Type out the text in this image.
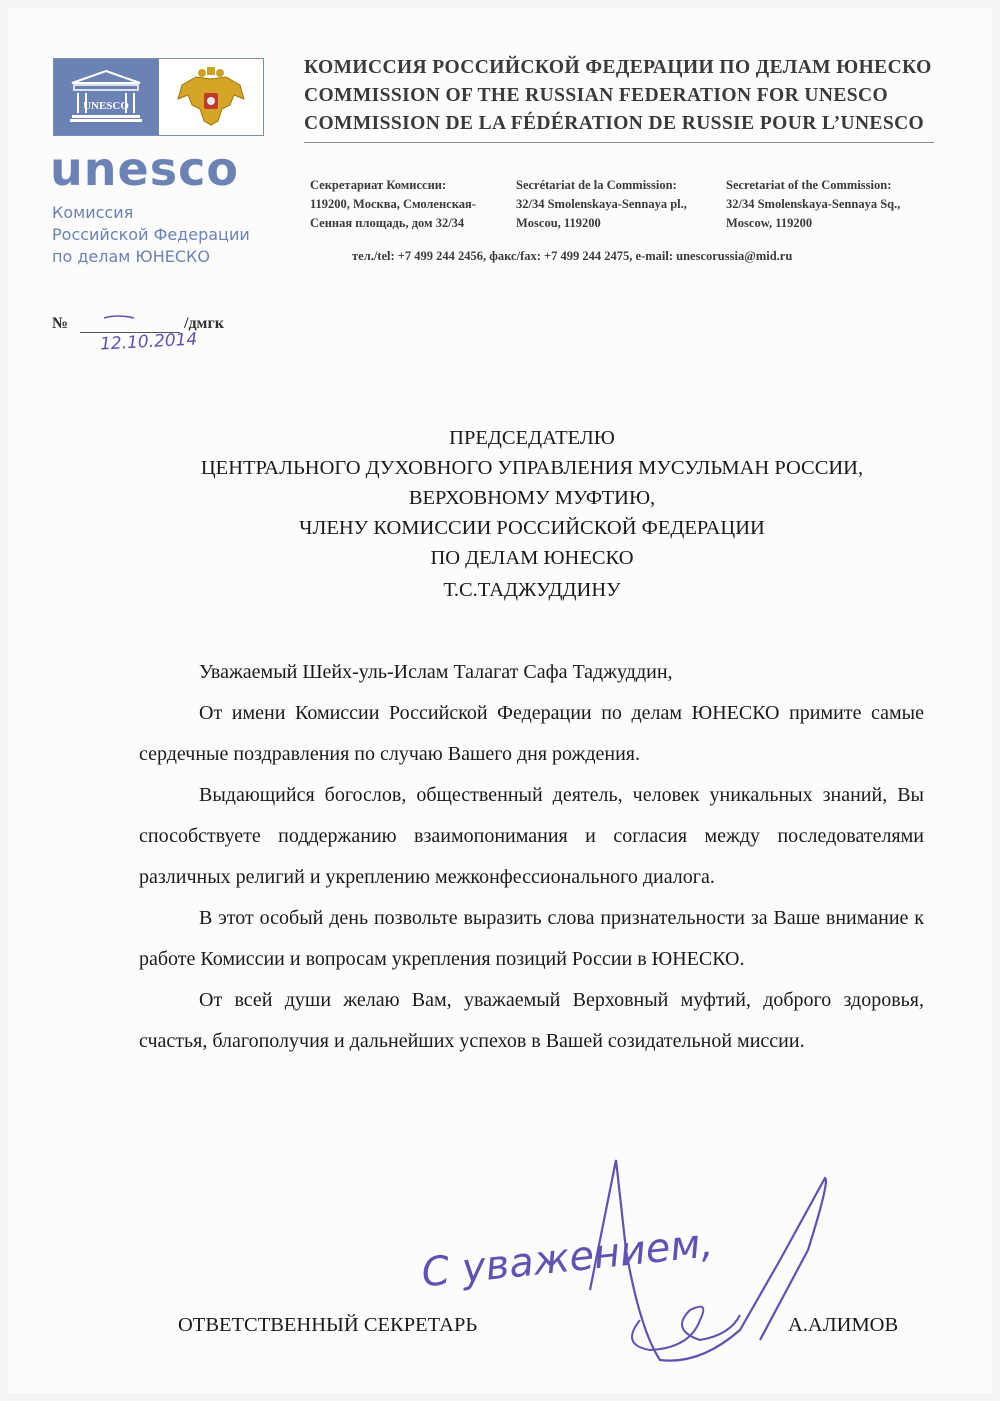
UNESCO
unesco
Комиссия
Российской Федерации
по делам ЮНЕСКО
КОМИССИЯ РОССИЙСКОЙ ФЕДЕРАЦИИ ПО ДЕЛАМ ЮНЕСКО
COMMISSION OF THE RUSSIAN FEDERATION FOR UNESCO
COMMISSION DE LA FÉDÉRATION DE RUSSIE POUR L’UNESCO
Секретариат Комиссии:
119200, Москва, Смоленская-
Сенная площадь, дом 32/34
Secrétariat de la Commission:
32/34 Smolenskaya-Sennaya pl.,
Moscou, 119200
Secretariat of the Commission:
32/34 Smolenskaya-Sennaya Sq.,
Moscow, 119200
тел./tel: +7 499 244 2456, факс/fax: +7 499 244 2475, e-mail: unescorussia@mid.ru
№	/дмгк
12.10.2014
ПРЕДСЕДАТЕЛЮ
ЦЕНТРАЛЬНОГО ДУХОВНОГО УПРАВЛЕНИЯ МУСУЛЬМАН РОССИИ,
ВЕРХОВНОМУ МУФТИЮ,
ЧЛЕНУ КОМИССИИ РОССИЙСКОЙ ФЕДЕРАЦИИ
ПО ДЕЛАМ ЮНЕСКО
Т.С.ТАДЖУДДИНУ

Уважаемый Шейх-уль-Ислам Талагат Сафа Таджуддин,

От имени Комиссии Российской Федерации по делам ЮНЕСКО примите самые сердечные поздравления по случаю Вашего дня рождения.

Выдающийся богослов, общественный деятель, человек уникальных знаний, Вы способствуете поддержанию взаимопонимания и согласия между последователями различных религий и укреплению межконфессионального диалога.

В этот особый день позвольте выразить слова признательности за Ваше внимание к работе Комиссии и вопросам укрепления позиций России в ЮНЕСКО.

От всей души желаю Вам, уважаемый Верховный муфтий, доброго здоровья, счастья, благополучия и дальнейших успехов в Вашей созидательной миссии.

С уважением,
ОТВЕТСТВЕННЫЙ СЕКРЕТАРЬ	А.АЛИМОВ
